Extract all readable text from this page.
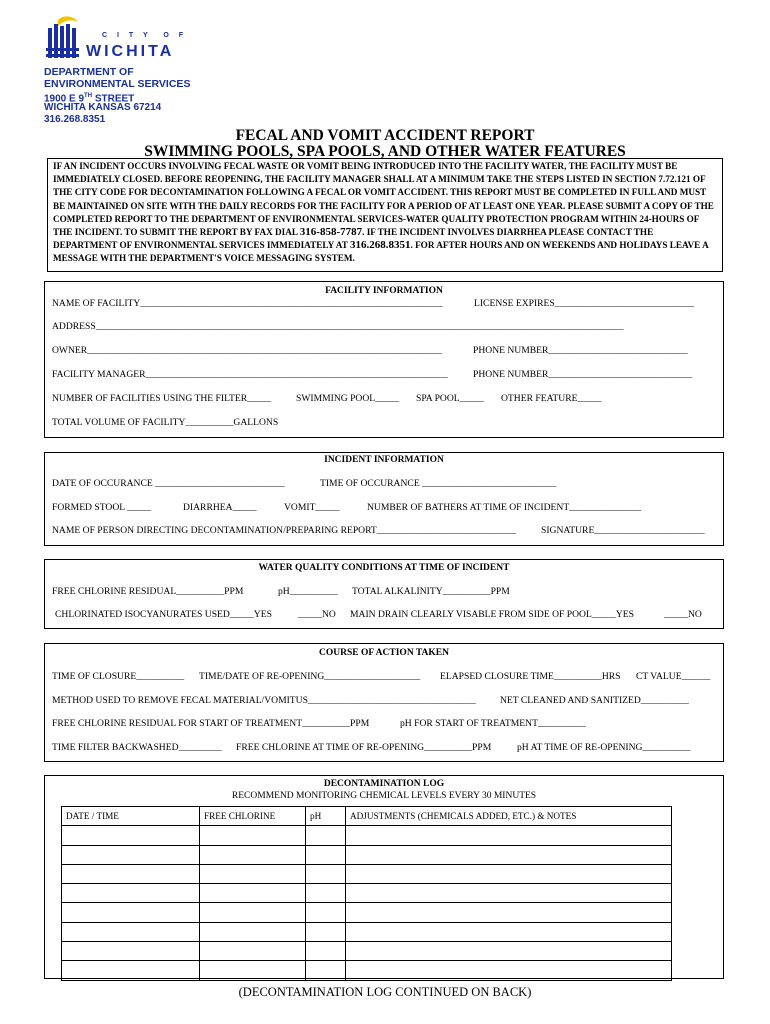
C I T Y  O F
WICHITA
DEPARTMENT OF
ENVIRONMENTAL SERVICES
1900 E 9TH STREET
WICHITA KANSAS 67214
316.268.8351
FECAL AND VOMIT ACCIDENT REPORT
SWIMMING POOLS, SPA POOLS, AND OTHER WATER FEATURES
IF AN INCIDENT OCCURS INVOLVING FECAL WASTE OR VOMIT BEING INTRODUCED INTO THE FACILITY WATER, THE FACILITY MUST BE IMMEDIATELY CLOSED. BEFORE REOPENING, THE FACILITY MANAGER SHALL AT A MINIMUM TAKE THE STEPS LISTED IN SECTION 7.72.121 OF THE CITY CODE FOR DECONTAMINATION FOLLOWING A FECAL OR VOMIT ACCIDENT. THIS REPORT MUST BE COMPLETED IN FULL AND MUST BE MAINTAINED ON SITE WITH THE DAILY RECORDS FOR THE FACILITY FOR A PERIOD OF AT LEAST ONE YEAR. PLEASE SUBMIT A COPY OF THE COMPLETED REPORT TO THE DEPARTMENT OF ENVIRONMENTAL SERVICES-WATER QUALITY PROTECTION PROGRAM WITHIN 24-HOURS OF THE INCIDENT. TO SUBMIT THE REPORT BY FAX DIAL 316-858-7787. IF THE INCIDENT INVOLVES DIARRHEA PLEASE CONTACT THE DEPARTMENT OF ENVIRONMENTAL SERVICES IMMEDIATELY AT 316.268.8351. FOR AFTER HOURS AND ON WEEKENDS AND HOLIDAYS LEAVE A MESSAGE WITH THE DEPARTMENT'S VOICE MESSAGING SYSTEM.
FACILITY INFORMATION
NAME OF FACILITY_______________________________________________________________	LICENSE EXPIRES_____________________________
ADDRESS______________________________________________________________________________________________________________
OWNER__________________________________________________________________________	PHONE NUMBER_____________________________
FACILITY MANAGER_______________________________________________________________	PHONE NUMBER______________________________
NUMBER OF FACILITIES USING THE FILTER_____	SWIMMING POOL_____ SPA POOL_____ OTHER FEATURE_____
TOTAL VOLUME OF FACILITY__________GALLONS
INCIDENT INFORMATION
DATE OF OCCURANCE ___________________________	TIME OF OCCURANCE ____________________________
FORMED STOOL _____	DIARRHEA_____	VOMIT_____	NUMBER OF BATHERS AT TIME OF INCIDENT_______________
NAME OF PERSON DIRECTING DECONTAMINATION/PREPARING REPORT_____________________________	SIGNATURE_______________________
WATER QUALITY CONDITIONS AT TIME OF INCIDENT
FREE CHLORINE RESIDUAL__________PPM	pH__________ TOTAL ALKALINITY__________PPM
CHLORINATED ISOCYANURATES USED_____YES	_____NO MAIN DRAIN CLEARLY VISABLE FROM SIDE OF POOL_____YES	_____NO
COURSE OF ACTION TAKEN
TIME OF CLOSURE__________ TIME/DATE OF RE-OPENING____________________ ELAPSED CLOSURE TIME__________HRS CT VALUE______
METHOD USED TO REMOVE FECAL MATERIAL/VOMITUS___________________________________	NET CLEANED AND SANITIZED__________
FREE CHLORINE RESIDUAL FOR START OF TREATMENT__________PPM	pH FOR START OF TREATMENT__________
TIME FILTER BACKWASHED_________ FREE CHLORINE AT TIME OF RE-OPENING__________PPM	pH AT TIME OF RE-OPENING__________
DECONTAMINATION LOG
RECOMMEND MONITORING CHEMICAL LEVELS EVERY 30 MINUTES
DATE / TIME	FREE CHLORINE	pH	ADJUSTMENTS (CHEMICALS ADDED, ETC.) & NOTES

(DECONTAMINATION LOG CONTINUED ON BACK)
